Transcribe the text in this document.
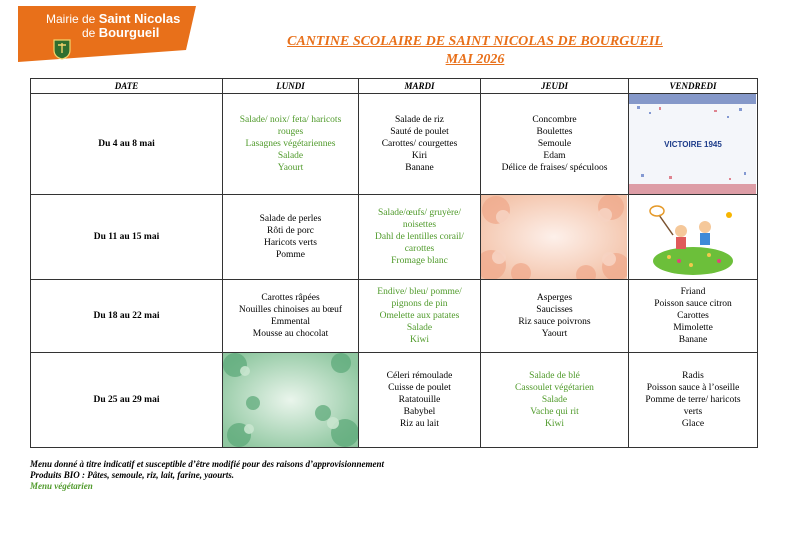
Mairie de Saint Nicolas
de Bourgueil
CANTINE SCOLAIRE DE SAINT NICOLAS DE BOURGUEIL
MAI 2026
DATE	LUNDI	MARDI	JEUDI	VENDREDI
Du 4 au 8 mai	Salade/ noix/ feta/ haricots
rouges
Lasagnes végétariennes
Salade
Yaourt	Salade de riz
Sauté de poulet
Carottes/ courgettes
Kiri
Banane	Concombre
Boulettes
Semoule
Edam
Délice de fraises/ spéculoos	VICTOIRE 1945

Du 11 au 15 mai	Salade de perles
Rôti de porc
Haricots verts
Pomme	Salade/œufs/ gruyère/
noisettes
Dahl de lentilles corail/
carottes
Fromage blanc

Du 18 au 22 mai	Carottes râpées
Nouilles chinoises au bœuf
Emmental
Mousse au chocolat	Endive/ bleu/ pomme/
pignons de pin
Omelette aux patates
Salade
Kiwi	Asperges
Saucisses
Riz sauce poivrons
Yaourt	Friand
Poisson sauce citron
Carottes
Mimolette
Banane

Du 25 au 29 mai		Céleri rémoulade
Cuisse de poulet
Ratatouille
Babybel
Riz au lait	Salade de blé
Cassoulet végétarien
Salade
Vache qui rit
Kiwi	Radis
Poisson sauce à l’oseille
Pomme de terre/ haricots
verts
Glace
Menu donné à titre indicatif et susceptible d’être modifié pour des raisons d’approvisionnement
Produits BIO : Pâtes, semoule, riz, lait, farine, yaourts.
Menu végétarien
